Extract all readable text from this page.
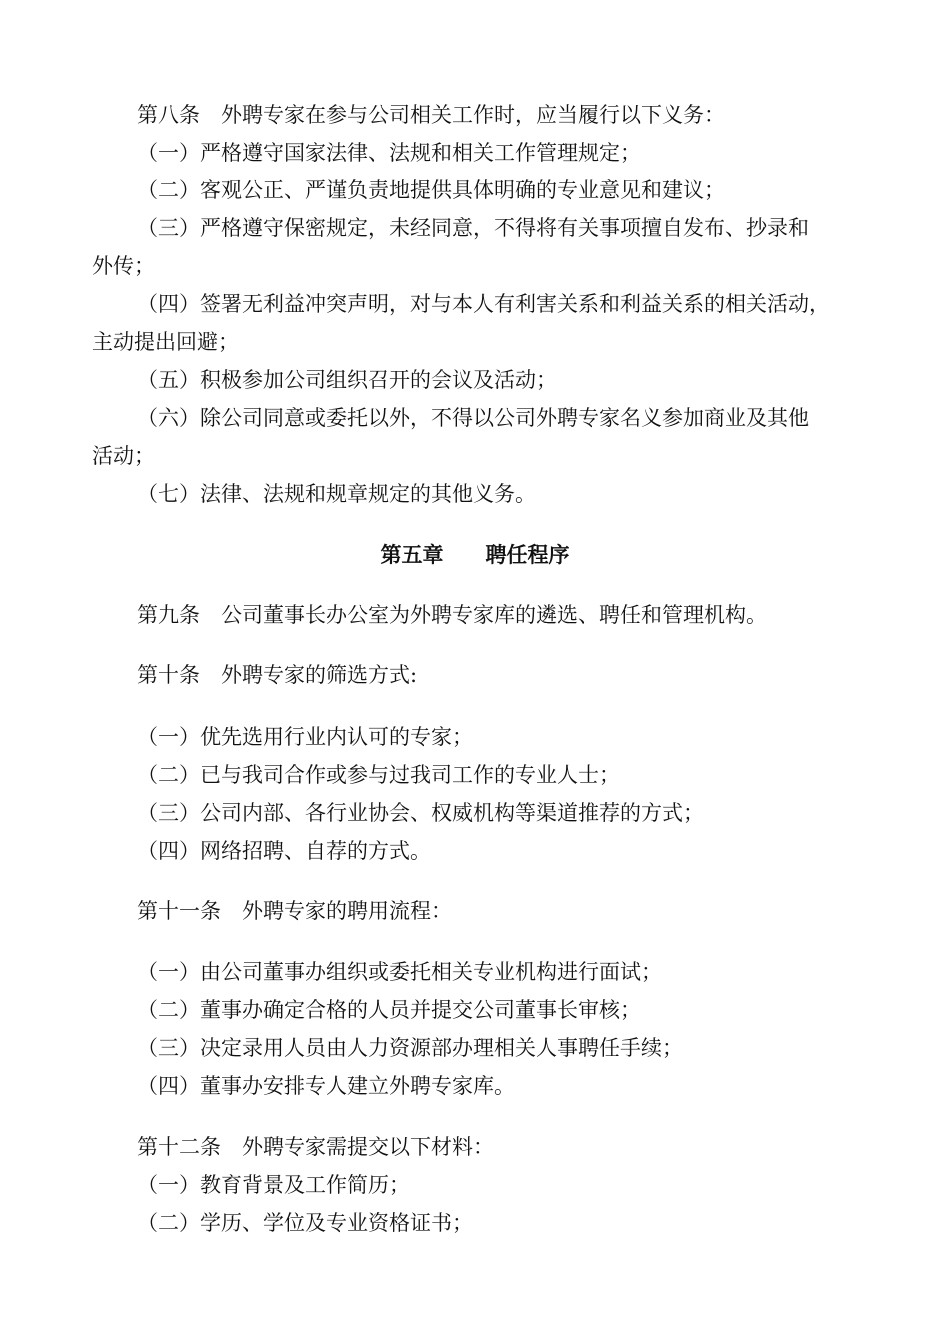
第八条　外聘专家在参与公司相关工作时，应当履行以下义务：
（一）严格遵守国家法律、法规和相关工作管理规定；
（二）客观公正、严谨负责地提供具体明确的专业意见和建议；
（三）严格遵守保密规定，未经同意，不得将有关事项擅自发布、抄录和
外传；
（四）签署无利益冲突声明，对与本人有利害关系和利益关系的相关活动，
主动提出回避；
（五）积极参加公司组织召开的会议及活动；
（六）除公司同意或委托以外，不得以公司外聘专家名义参加商业及其他
活动；
（七）法律、法规和规章规定的其他义务。
第五章 聘任程序
第九条　公司董事长办公室为外聘专家库的遴选、聘任和管理机构。
第十条　外聘专家的筛选方式:
（一）优先选用行业内认可的专家；
（二）已与我司合作或参与过我司工作的专业人士；
（三）公司内部、各行业协会、权威机构等渠道推荐的方式；
（四）网络招聘、自荐的方式。
第十一条　外聘专家的聘用流程：
（一）由公司董事办组织或委托相关专业机构进行面试；
（二）董事办确定合格的人员并提交公司董事长审核；
（三）决定录用人员由人力资源部办理相关人事聘任手续；
（四）董事办安排专人建立外聘专家库。
第十二条　外聘专家需提交以下材料：
（一）教育背景及工作简历；
（二）学历、学位及专业资格证书；
